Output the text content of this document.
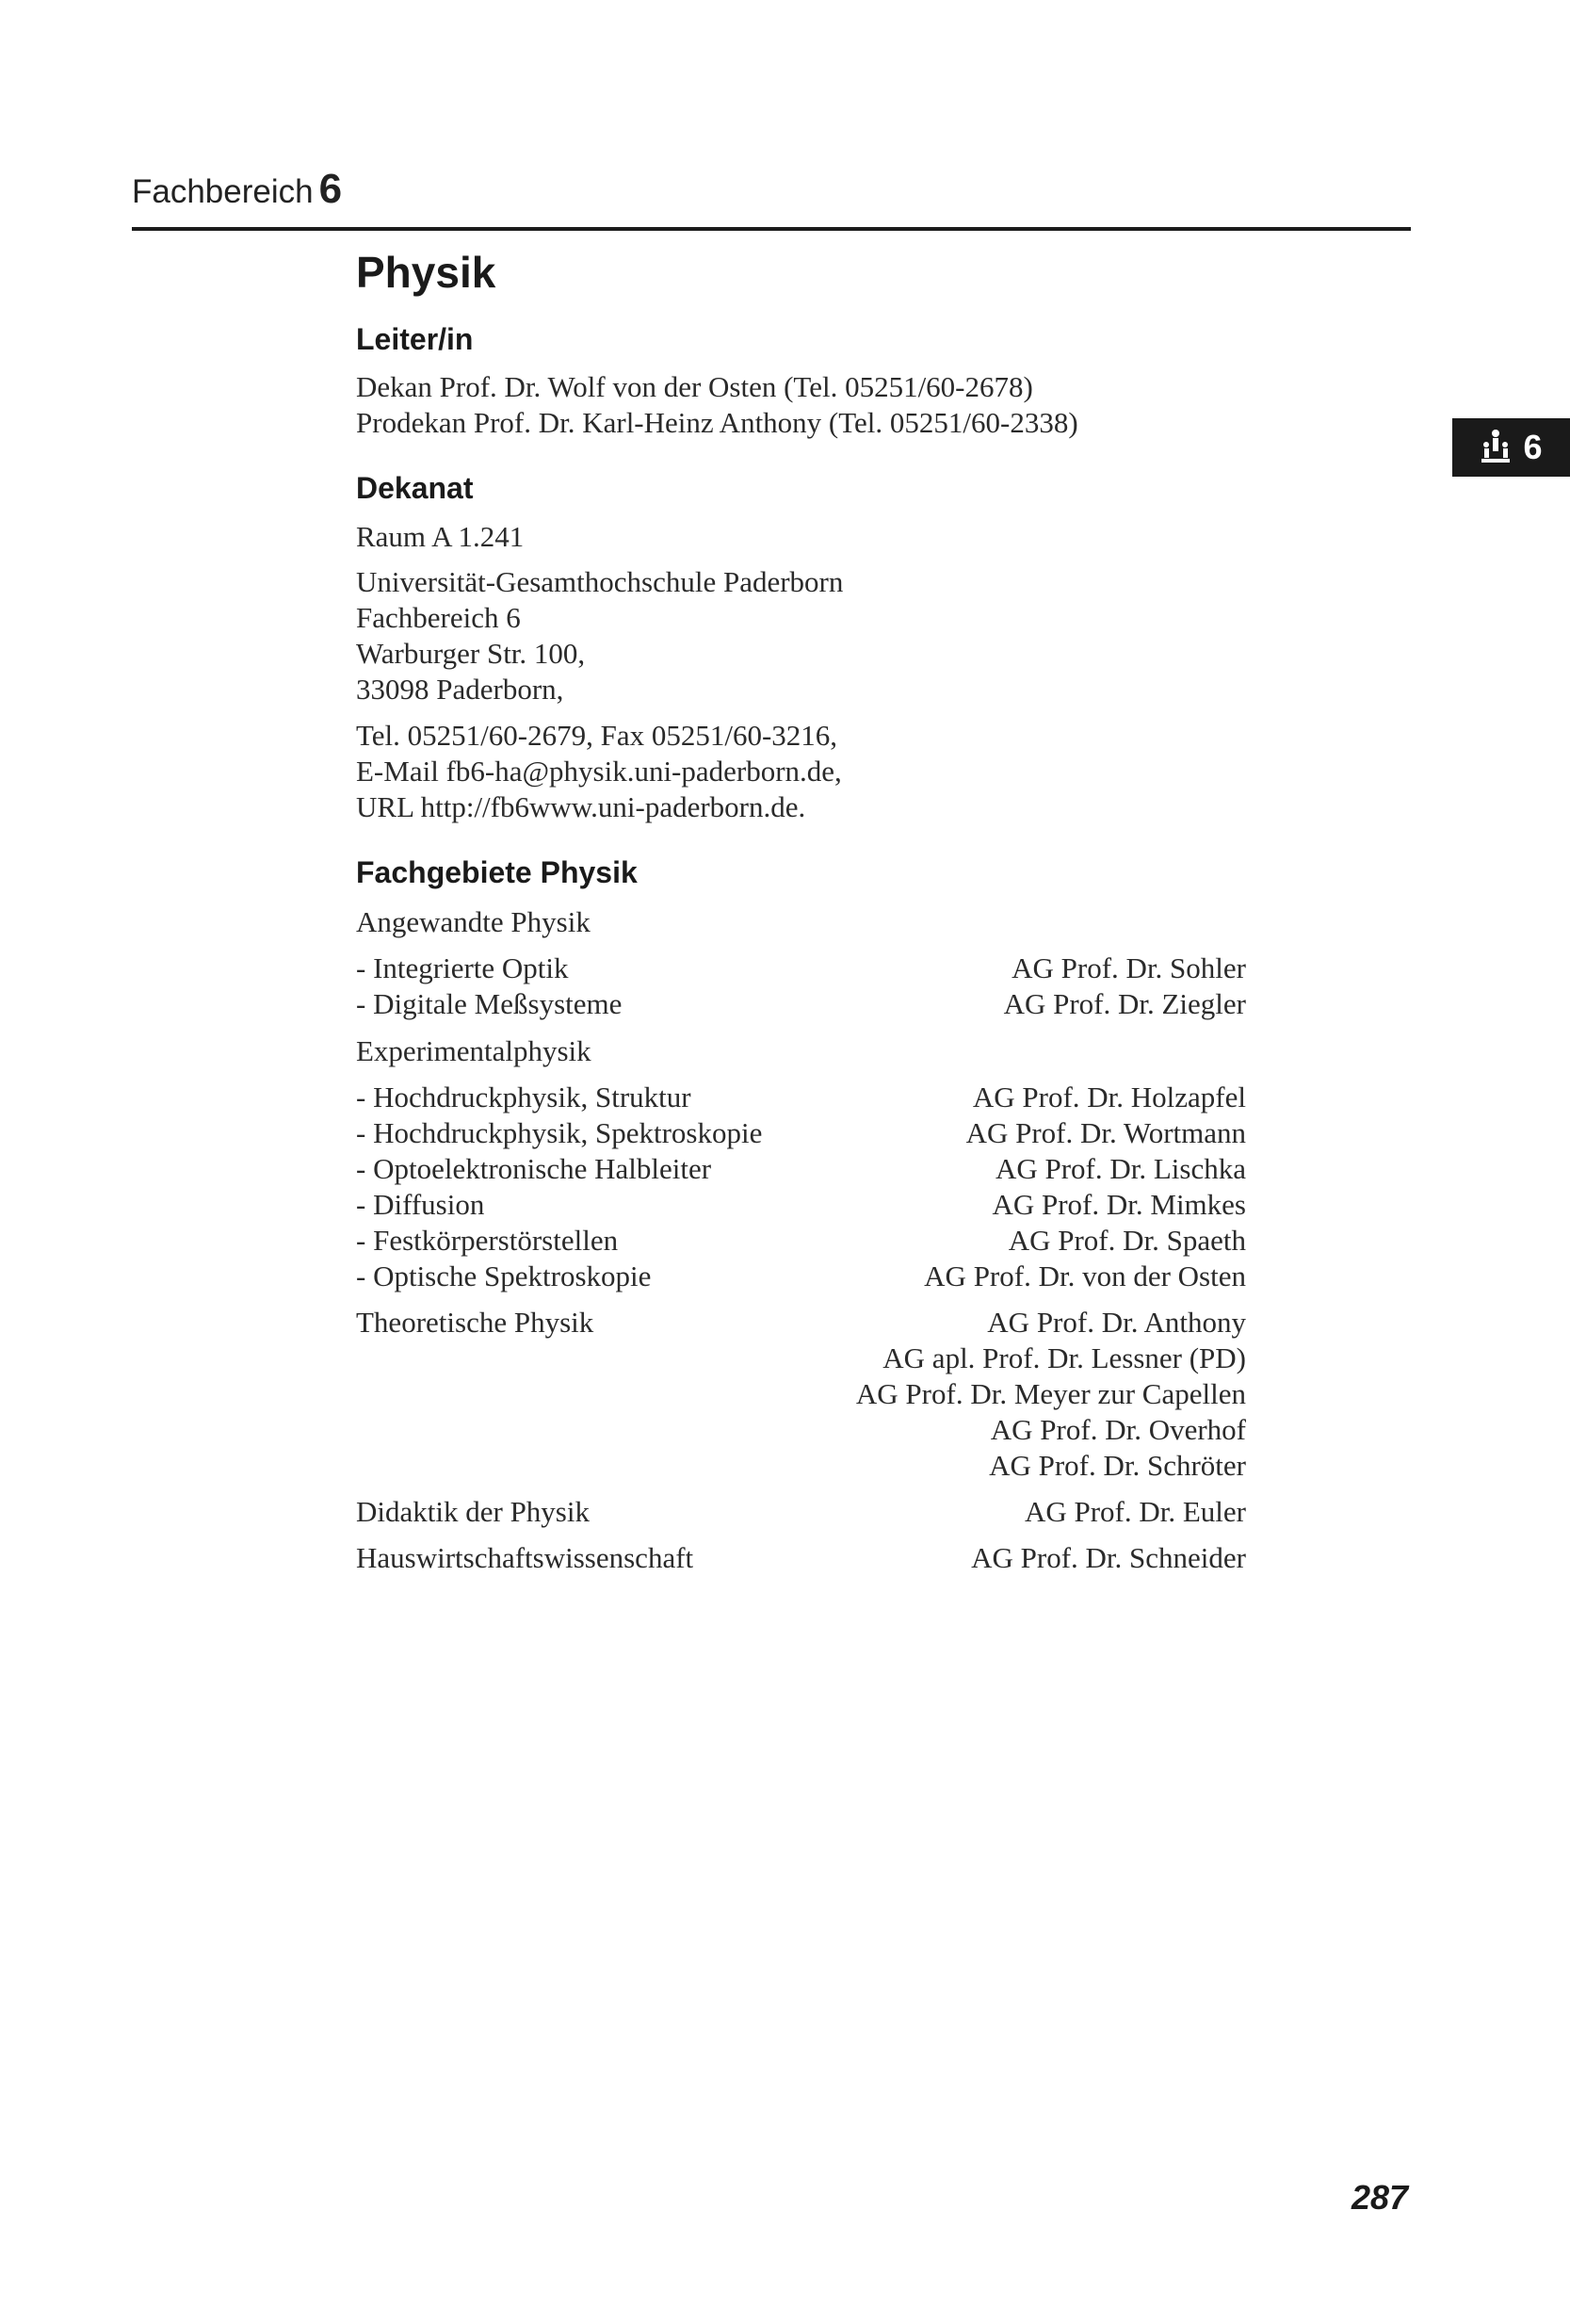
Fachbereich 6
6
Physik
Leiter/in
Dekan Prof. Dr. Wolf von der Osten (Tel. 05251/60-2678)
Prodekan Prof. Dr. Karl-Heinz Anthony (Tel. 05251/60-2338)
Dekanat
Raum A 1.241
Universität-Gesamthochschule Paderborn
Fachbereich 6
Warburger Str. 100,
33098 Paderborn,
Tel. 05251/60-2679, Fax 05251/60-3216,
E-Mail fb6-ha@physik.uni-paderborn.de,
URL http://fb6www.uni-paderborn.de.
Fachgebiete Physik
Angewandte Physik
- Integrierte Optik	AG Prof. Dr. Sohler
- Digitale Meßsysteme	AG Prof. Dr. Ziegler
Experimentalphysik
- Hochdruckphysik, Struktur	AG Prof. Dr. Holzapfel
- Hochdruckphysik, Spektroskopie	AG Prof. Dr. Wortmann
- Optoelektronische Halbleiter	AG Prof. Dr. Lischka
- Diffusion	AG Prof. Dr. Mimkes
- Festkörperstörstellen	AG Prof. Dr. Spaeth
- Optische Spektroskopie	AG Prof. Dr. von der Osten
Theoretische Physik	AG Prof. Dr. Anthony
AG apl. Prof. Dr. Lessner (PD)
AG Prof. Dr. Meyer zur Capellen
AG Prof. Dr. Overhof
AG Prof. Dr. Schröter
Didaktik der Physik	AG Prof. Dr. Euler
Hauswirtschaftswissenschaft	AG Prof. Dr. Schneider
287
